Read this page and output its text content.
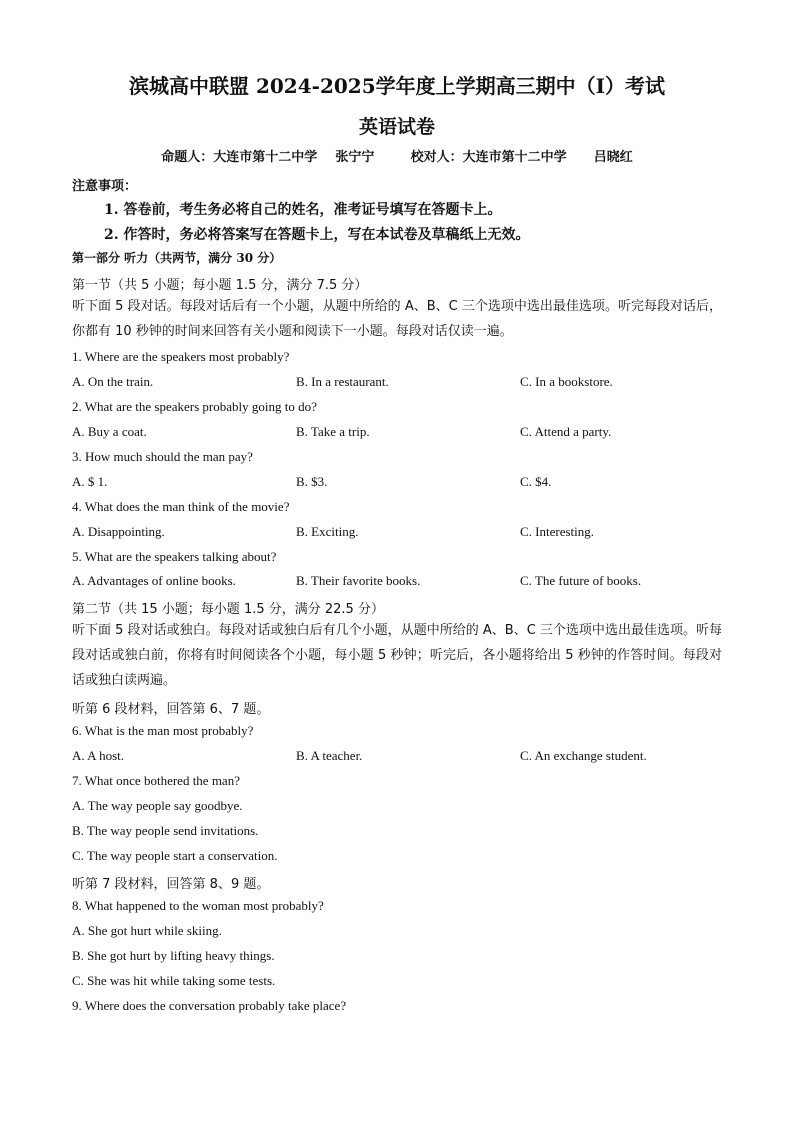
滨城高中联盟 2024-2025学年度上学期高三期中（I）考试
英语试卷
命题人：大连市第十二中学    张宁宁        校对人：大连市第十二中学      吕晓红
注意事项：
1. 答卷前，考生务必将自己的姓名，准考证号填写在答题卡上。
2. 作答时，务必将答案写在答题卡上，写在本试卷及草稿纸上无效。
第一部分 听力（共两节，满分 30 分）
第一节（共 5 小题；每小题 1.5 分，满分 7.5 分）
听下面 5 段对话。每段对话后有一个小题，从题中所给的 A、B、C 三个选项中选出最佳选项。听完每段对话后，你都有 10 秒钟的时间来回答有关小题和阅读下一小题。每段对话仅读一遍。
1. Where are the speakers most probably?
A. On the train.	B. In a restaurant.	C. In a bookstore.
2. What are the speakers probably going to do?
A. Buy a coat.	B. Take a trip.	C. Attend a party.
3. How much should the man pay?
A. $ 1.	B. $3.	C. $4.
4. What does the man think of the movie?
A. Disappointing.	B. Exciting.	C. Interesting.
5. What are the speakers talking about?
A. Advantages of online books.	B. Their favorite books.	C. The future of books.
第二节（共 15 小题；每小题 1.5 分，满分 22.5 分）
听下面 5 段对话或独白。每段对话或独白后有几个小题，从题中所给的 A、B、C 三个选项中选出最佳选项。听每段对话或独白前，你将有时间阅读各个小题，每小题 5 秒钟；听完后，各小题将给出 5 秒钟的作答时间。每段对话或独白读两遍。
听第 6 段材料，回答第 6、7 题。
6. What is the man most probably?
A. A host.	B. A teacher.	C. An exchange student.
7. What once bothered the man?
A. The way people say goodbye.
B. The way people send invitations.
C. The way people start a conservation.
听第 7 段材料，回答第 8、9 题。
8. What happened to the woman most probably?
A. She got hurt while skiing.
B. She got hurt by lifting heavy things.
C. She was hit while taking some tests.
9. Where does the conversation probably take place?
